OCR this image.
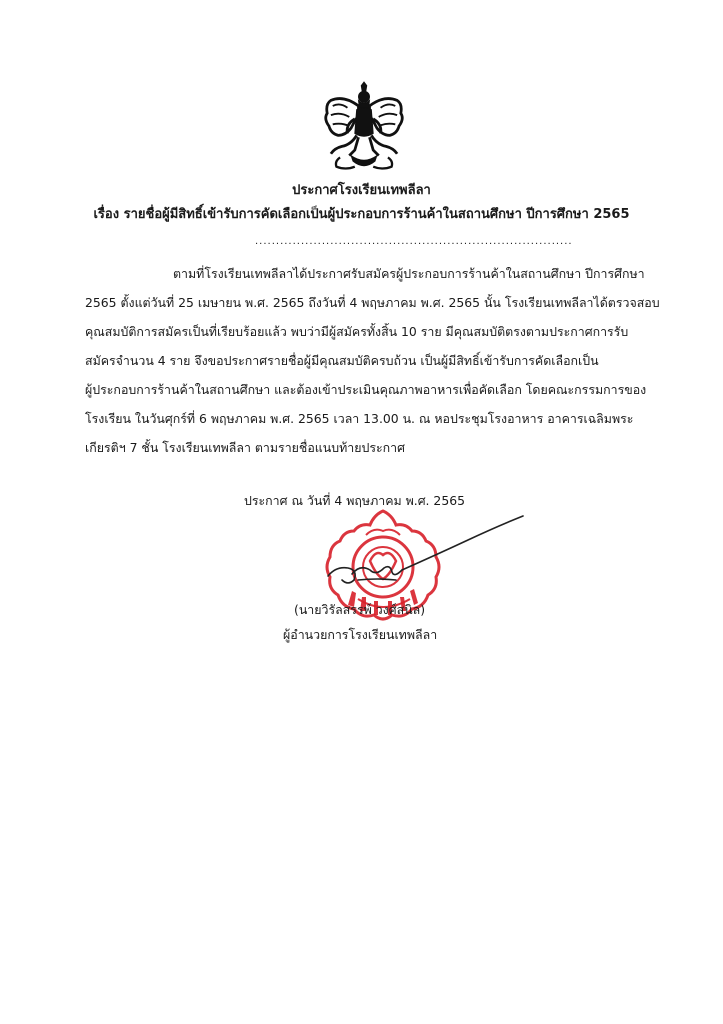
ประกาศโรงเรียนเทพลีลา
เรื่อง รายชื่อผู้มีสิทธิ์เข้ารับการคัดเลือกเป็นผู้ประกอบการร้านค้าในสถานศึกษา ปีการศึกษา 2565
............................................................................
ตามที่โรงเรียนเทพลีลาได้ประกาศรับสมัครผู้ประกอบการร้านค้าในสถานศึกษา ปีการศึกษา
2565 ตั้งแต่วันที่ 25 เมษายน พ.ศ. 2565 ถึงวันที่ 4 พฤษภาคม พ.ศ. 2565 นั้น โรงเรียนเทพลีลาได้ตรวจสอบ
คุณสมบัติการสมัครเป็นที่เรียบร้อยแล้ว พบว่ามีผู้สมัครทั้งสิ้น 10 ราย มีคุณสมบัติตรงตามประกาศการรับ
สมัครจำนวน 4 ราย จึงขอประกาศรายชื่อผู้มีคุณสมบัติครบถ้วน เป็นผู้มีสิทธิ์เข้ารับการคัดเลือกเป็น
ผู้ประกอบการร้านค้าในสถานศึกษา และต้องเข้าประเมินคุณภาพอาหารเพื่อคัดเลือก โดยคณะกรรมการของ
โรงเรียน ในวันศุกร์ที่ 6 พฤษภาคม พ.ศ. 2565 เวลา 13.00 น. ณ หอประชุมโรงอาหาร อาคารเฉลิมพระ
เกียรติฯ 7 ชั้น โรงเรียนเทพลีลา ตามรายชื่อแนบท้ายประกาศ
ประกาศ ณ วันที่ 4 พฤษภาคม พ.ศ. 2565
(นายวิรัลสรรพ์ วงศ์สนิล)
ผู้อำนวยการโรงเรียนเทพลีลา
